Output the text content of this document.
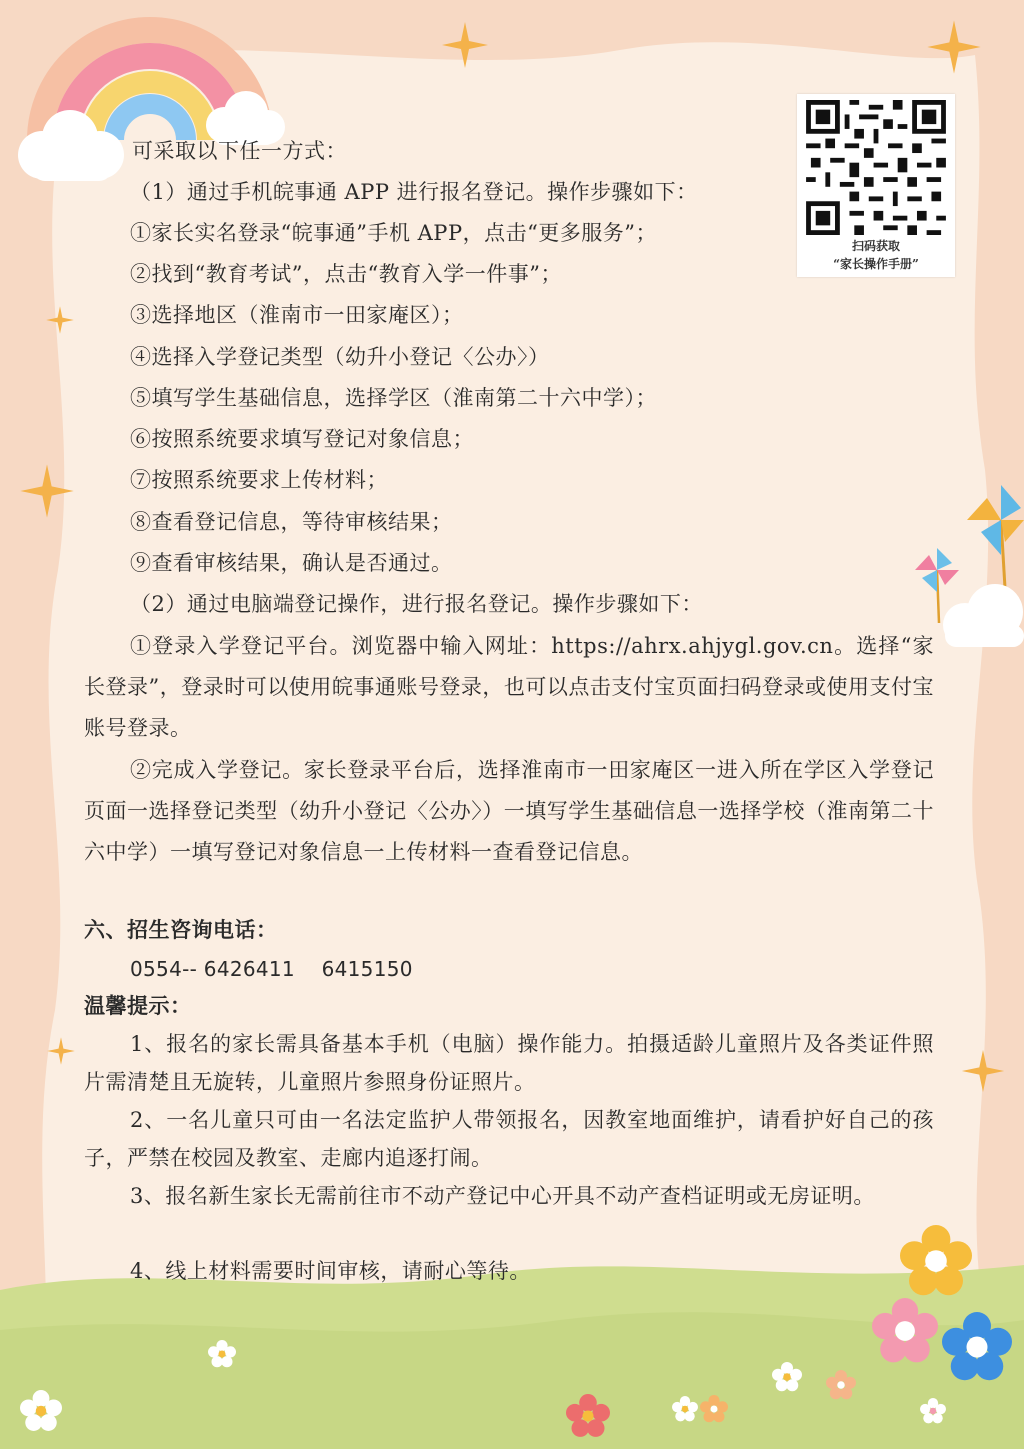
扫码获取
“家长操作手册”
可采取以下任一方式：
（1）通过手机皖事通 APP 进行报名登记。操作步骤如下：
①家长实名登录“皖事通”手机 APP，点击“更多服务”；
②找到“教育考试”，点击“教育入学一件事”；
③选择地区（淮南市一田家庵区）；
④选择入学登记类型（幼升小登记〈公办〉）
⑤填写学生基础信息，选择学区（淮南第二十六中学）；
⑥按照系统要求填写登记对象信息；
⑦按照系统要求上传材料；
⑧查看登记信息，等待审核结果；
⑨查看审核结果，确认是否通过。
（2）通过电脑端登记操作，进行报名登记。操作步骤如下：
①登录入学登记平台。浏览器中输入网址：https://ahrx.ahjygl.gov.cn。选择“家长登录”，登录时可以使用皖事通账号登录，也可以点击支付宝页面扫码登录或使用支付宝账号登录。
②完成入学登记。家长登录平台后，选择淮南市一田家庵区一进入所在学区入学登记页面一选择登记类型（幼升小登记〈公办〉）一填写学生基础信息一选择学校（淮南第二十六中学）一填写登记对象信息一上传材料一查看登记信息。
六、招生咨询电话：
0554-- 6426411    6415150
温馨提示：
1、报名的家长需具备基本手机（电脑）操作能力。拍摄适龄儿童照片及各类证件照片需清楚且无旋转，儿童照片参照身份证照片。
2、一名儿童只可由一名法定监护人带领报名，因教室地面维护，请看护好自己的孩子，严禁在校园及教室、走廊内追逐打闹。
3、报名新生家长无需前往市不动产登记中心开具不动产查档证明或无房证明。
4、线上材料需要时间审核，请耐心等待。
